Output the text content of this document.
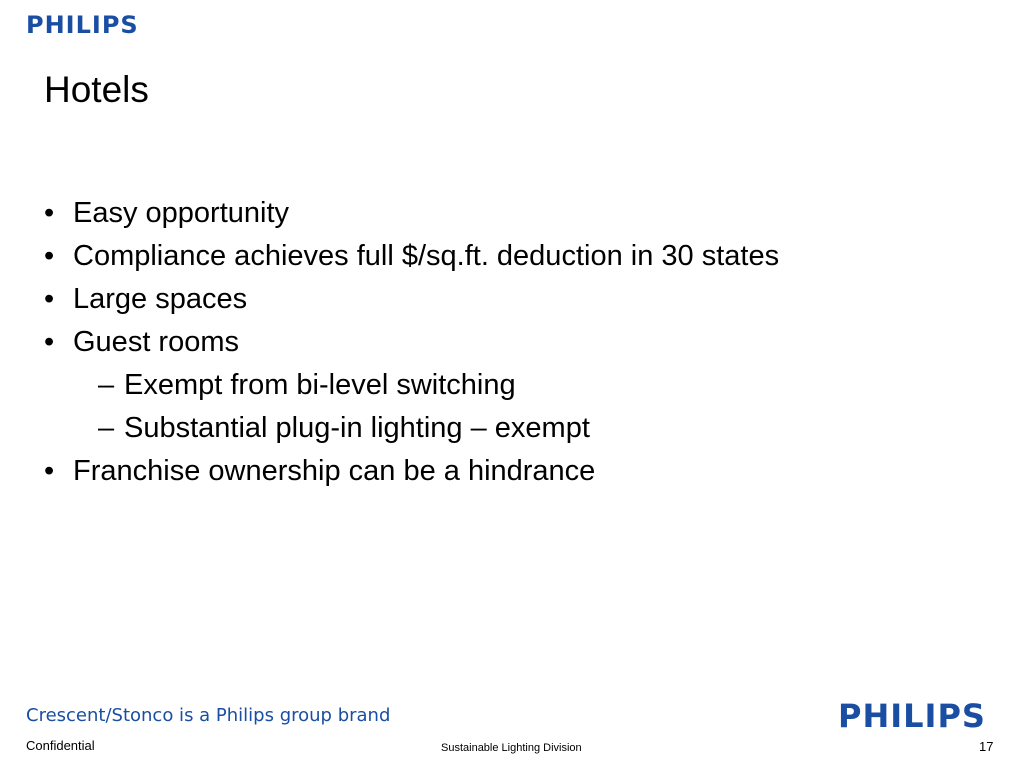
PHILIPS
Hotels
• Easy opportunity
• Compliance achieves full $/sq.ft. deduction in 30 states
• Large spaces
• Guest rooms
– Exempt from bi-level switching
– Substantial plug-in lighting – exempt
• Franchise ownership can be a hindrance
Crescent/Stonco is a Philips group brand	PHILIPS
Confidential	Sustainable Lighting Division	17
